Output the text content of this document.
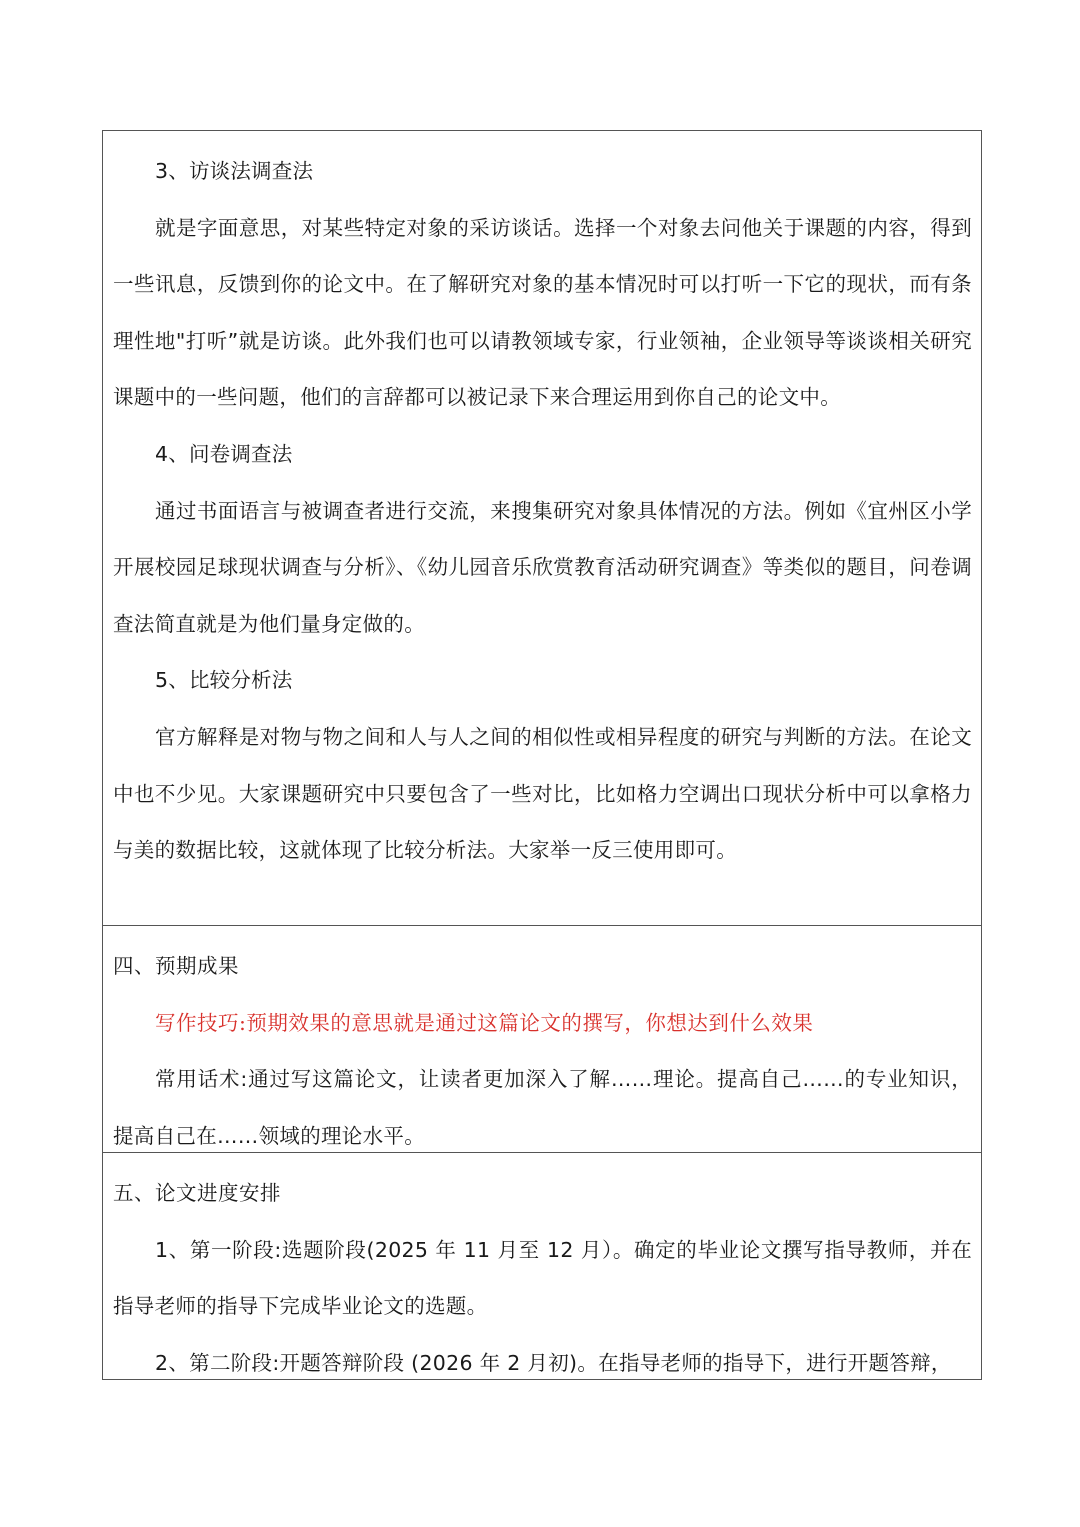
3、访谈法调查法

就是字面意思，对某些特定对象的采访谈话。选择一个对象去问他关于课题的内容，得到一些讯息，反馈到你的论文中。在了解研究对象的基本情况时可以打听一下它的现状，而有条理性地"打听”就是访谈。此外我们也可以请教领域专家，行业领袖，企业领导等谈谈相关研究课题中的一些问题，他们的言辞都可以被记录下来合理运用到你自己的论文中。

4、问卷调查法

通过书面语言与被调查者进行交流，来搜集研究对象具体情况的方法。例如《宜州区小学开展校园足球现状调查与分析》、《幼儿园音乐欣赏教育活动研究调查》等类似的题目，问卷调查法简直就是为他们量身定做的。

5、比较分析法

官方解释是对物与物之间和人与人之间的相似性或相异程度的研究与判断的方法。在论文中也不少见。大家课题研究中只要包含了一些对比，比如格力空调出口现状分析中可以拿格力与美的数据比较，这就体现了比较分析法。大家举一反三使用即可。

四、预期成果
写作技巧:预期效果的意思就是通过这篇论文的撰写，你想达到什么效果

常用话术:通过写这篇论文，让读者更加深入了解……理论。提高自己……的专业知识，提高自己在……领域的理论水平。

五、论文进度安排

1、第一阶段:选题阶段(2025 年 11 月至 12 月）。确定的毕业论文撰写指导教师，并在指导老师的指导下完成毕业论文的选题。

2、第二阶段:开题答辩阶段 (2026 年 2 月初)。在指导老师的指导下，进行开题答辩，
